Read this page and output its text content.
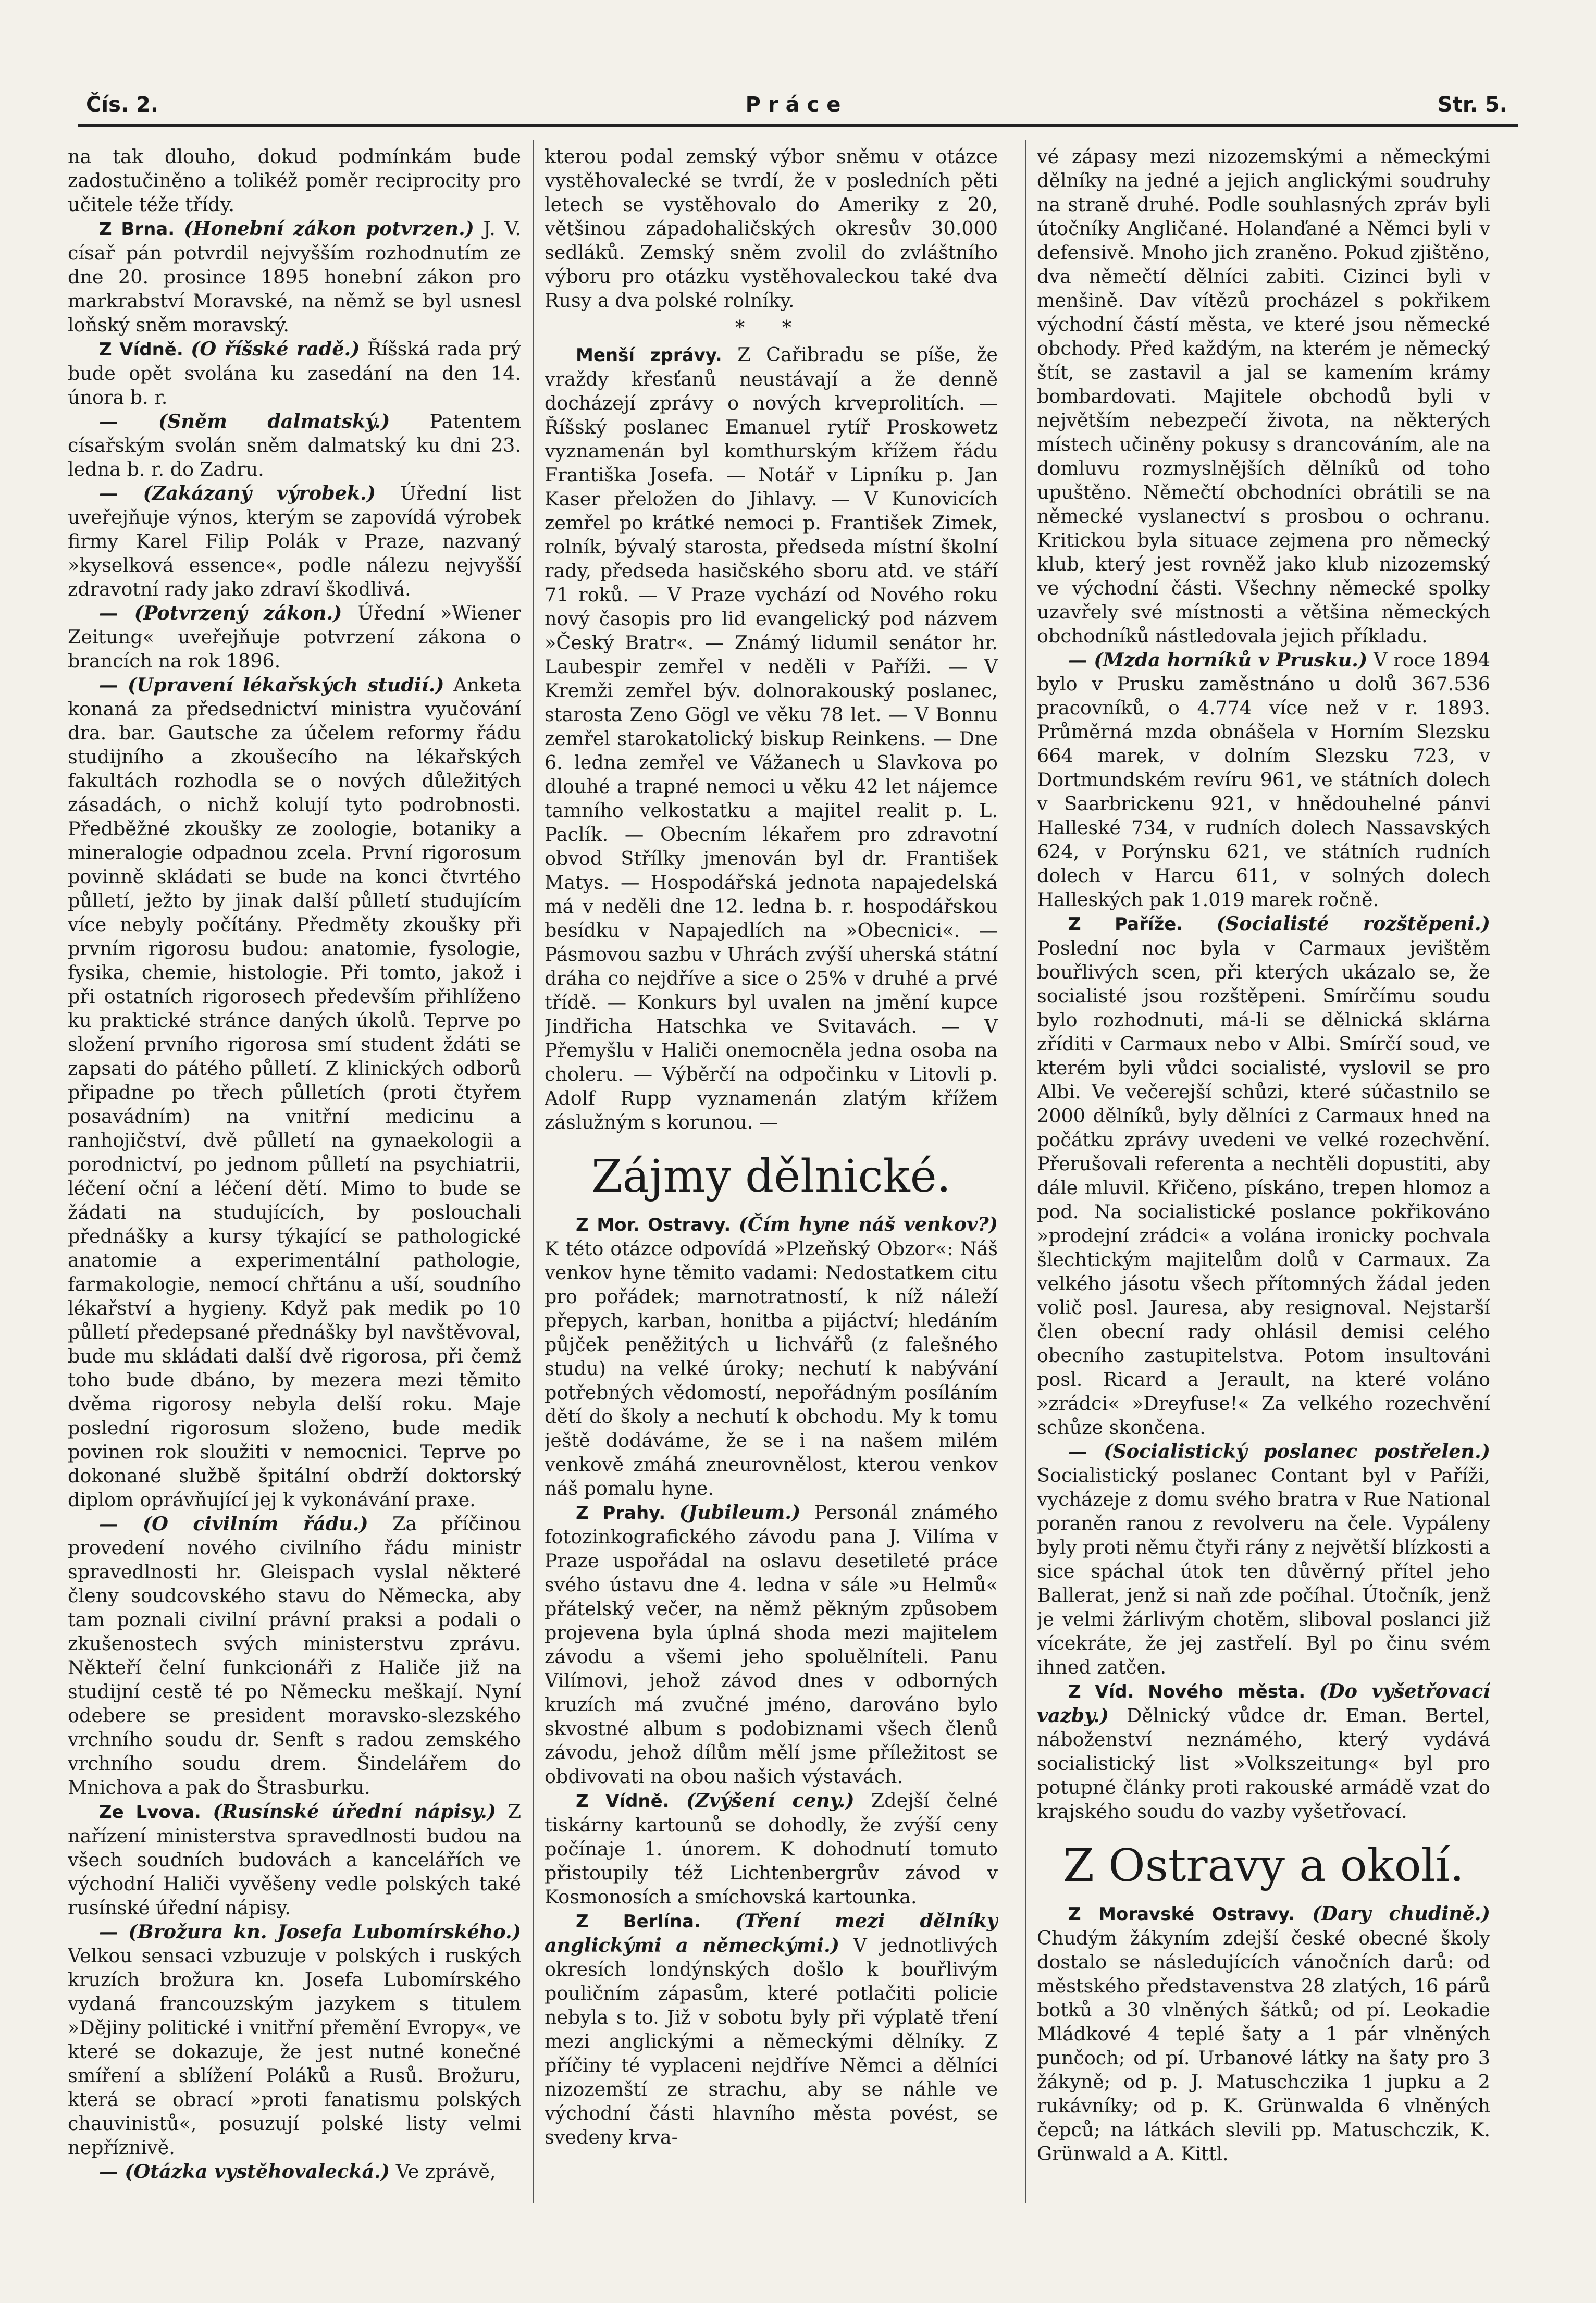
Čís. 2.	Práce	Str. 5.

na tak dlouho, dokud podmínkám bude zadostučiněno a tolikéž poměr reciprocity pro učitele téže třídy.

Z Brna. (Honební zákon potvrzen.) J. V. císař pán potvrdil nejvyšším rozhodnutím ze dne 20. prosince 1895 honební zákon pro markrabství Moravské, na němž se byl usnesl loňský sněm moravský.

Z Vídně. (O říšské radě.) Říšská rada prý bude opět svolána ku zasedání na den 14. února b. r.

— (Sněm dalmatský.) Patentem císařským svolán sněm dalmatský ku dni 23. ledna b. r. do Zadru.

— (Zakázaný výrobek.) Úřední list uveřejňuje výnos, kterým se zapovídá výrobek firmy Karel Filip Polák v Praze, nazvaný »kyselková essence«, podle nálezu nejvyšší zdravotní rady jako zdraví škodlivá.

— (Potvrzený zákon.) Úřední »Wiener Zeitung« uveřejňuje potvrzení zákona o brancích na rok 1896.

— (Upravení lékařských studií.) Anketa konaná za předsednictví ministra vyučování dra. bar. Gautsche za účelem reformy řádu studijního a zkoušecího na lékařských fakultách rozhodla se o nových důležitých zásadách, o nichž kolují tyto podrobnosti. Předběžné zkoušky ze zoologie, botaniky a mineralogie odpadnou zcela. První rigorosum povinně skládati se bude na konci čtvrtého půlletí, ježto by jinak další půlletí studujícím více nebyly počítány. Předměty zkoušky při prvním rigorosu budou: anatomie, fysologie, fysika, chemie, histologie. Při tomto, jakož i při ostatních rigorosech především přihlíženo ku praktické stránce daných úkolů. Teprve po složení prvního rigorosa smí student ždáti se zapsati do pátého půlletí. Z klinických odborů připadne po třech půlletích (proti čtyřem posavádním) na vnitřní medicinu a ranhojičství, dvě půlletí na gynaekologii a porodnictví, po jednom půlletí na psychiatrii, léčení oční a léčení dětí. Mimo to bude se žádati na studujících, by poslouchali přednášky a kursy týkající se pathologické anatomie a experimentální pathologie, farmakologie, nemocí chřtánu a uší, soudního lékařství a hygieny. Když pak medik po 10 půlletí předepsané přednášky byl navštěvoval, bude mu skládati další dvě rigorosa, při čemž toho bude dbáno, by mezera mezi těmito dvěma rigorosy nebyla delší roku. Maje poslední rigorosum složeno, bude medik povinen rok sloužiti v nemocnici. Teprve po dokonané službě špitální obdrží doktorský diplom oprávňující jej k vykonávání praxe.

— (O civilním řádu.) Za příčinou provedení nového civilního řádu ministr spravedlnosti hr. Gleispach vyslal některé členy soudcovského stavu do Německa, aby tam poznali civilní právní praksi a podali o zkušenostech svých ministerstvu zprávu. Někteří čelní funkcionáři z Haliče již na studijní cestě té po Německu meškají. Nyní odebere se president moravsko-slezského vrchního soudu dr. Senft s radou zemského vrchního soudu drem. Šindelářem do Mnichova a pak do Štrasburku.

Ze Lvova. (Rusínské úřední nápisy.) Z nařízení ministerstva spravedlnosti budou na všech soudních budovách a kancelářích ve východní Haliči vyvěšeny vedle polských také rusínské úřední nápisy.

— (Brožura kn. Josefa Lubomírského.) Velkou sensaci vzbuzuje v polských i ruských kruzích brožura kn. Josefa Lubomírského vydaná francouzským jazykem s titulem »Dějiny politické i vnitřní přemění Evropy«, ve které se dokazuje, že jest nutné konečné smíření a sblížení Poláků a Rusů. Brožuru, která se obrací »proti fanatismu polských chauvinistů«, posuzují polské listy velmi nepříznivě.

— (Otázka vystěhovalecká.) Ve zprávě,

kterou podal zemský výbor sněmu v otázce vystěhovalecké se tvrdí, že v posledních pěti letech se vystěhovalo do Ameriky z 20, většinou západohaličských okresův 30.000 sedláků. Zemský sněm zvolil do zvláštního výboru pro otázku vystěhovaleckou také dva Rusy a dva polské rolníky.

* *

Menší zprávy. Z Cařibradu se píše, že vraždy křesťanů neustávají a že denně docházejí zprávy o nových krveprolitích. — Říšský poslanec Emanuel rytíř Proskowetz vyznamenán byl komthurským křížem řádu Františka Josefa. — Notář v Lipníku p. Jan Kaser přeložen do Jihlavy. — V Kunovicích zemřel po krátké nemoci p. František Zimek, rolník, bývalý starosta, předseda místní školní rady, předseda hasičského sboru atd. ve stáří 71 roků. — V Praze vychází od Nového roku nový časopis pro lid evangelický pod názvem »Český Bratr«. — Známý lidumil senátor hr. Laubespir zemřel v neděli v Paříži. — V Kremži zemřel býv. dolnorakouský poslanec, starosta Zeno Gögl ve věku 78 let. — V Bonnu zemřel starokatolický biskup Reinkens. — Dne 6. ledna zemřel ve Vážanech u Slavkova po dlouhé a trapné nemoci u věku 42 let nájemce tamního velkostatku a majitel realit p. L. Paclík. — Obecním lékařem pro zdravotní obvod Střílky jmenován byl dr. František Matys. — Hospodářská jednota napajedelská má v neděli dne 12. ledna b. r. hospodářskou besídku v Napajedlích na »Obecnici«. — Pásmovou sazbu v Uhrách zvýší uherská státní dráha co nejdříve a sice o 25% v druhé a prvé třídě. — Konkurs byl uvalen na jmění kupce Jindřicha Hatschka ve Svitavách. — V Přemyšlu v Haliči onemocněla jedna osoba na choleru. — Výběrčí na odpočinku v Litovli p. Adolf Rupp vyznamenán zlatým křížem záslužným s korunou. —

Zájmy dělnické.

Z Mor. Ostravy. (Čím hyne náš venkov?) K této otázce odpovídá »Plzeňský Obzor«: Náš venkov hyne těmito vadami: Nedostatkem citu pro pořádek; marnotratností, k níž náleží přepych, karban, honitba a pijáctví; hledáním půjček peněžitých u lichvářů (z falešného studu) na velké úroky; nechutí k nabývání potřebných vědomostí, nepořádným posíláním dětí do školy a nechutí k obchodu. My k tomu ještě dodáváme, že se i na našem milém venkově zmáhá zneurovnělost, kterou venkov náš pomalu hyne.

Z Prahy. (Jubileum.) Personál známého fotozinkografického závodu pana J. Vilíma v Praze uspořádal na oslavu desetileté práce svého ústavu dne 4. ledna v sále »u Helmů« přátelský večer, na němž pěkným způsobem projevena byla úplná shoda mezi majitelem závodu a všemi jeho spoluělníteli. Panu Vilímovi, jehož závod dnes v odborných kruzích má zvučné jméno, darováno bylo skvostné album s podobiznami všech členů závodu, jehož dílům mělí jsme příležitost se obdivovati na obou našich výstavách.

Z Vídně. (Zvýšení ceny.) Zdejší čelné tiskárny kartounů se dohodly, že zvýší ceny počínaje 1. únorem. K dohodnutí tomuto přistoupily též Lichtenbergrův závod v Kosmonosích a smíchovská kartounka.

Z Berlína. (Tření mezi dělníky anglickými a německými.) V jednotlivých okresích londýnských došlo k bouřlivým pouličním zápasům, které potlačiti policie nebyla s to. Již v sobotu byly při výplatě tření mezi anglickými a německými dělníky. Z příčiny té vyplaceni nejdříve Němci a dělníci nizozemští ze strachu, aby se náhle ve východní části hlavního města povést, se svedeny krva-

vé zápasy mezi nizozemskými a německými dělníky na jedné a jejich anglickými soudruhy na straně druhé. Podle souhlasných zpráv byli útočníky Angličané. Holanďané a Němci byli v defensivě. Mnoho jich zraněno. Pokud zjištěno, dva němečtí dělníci zabiti. Cizinci byli v menšině. Dav vítězů procházel s pokřikem východní částí města, ve které jsou německé obchody. Před každým, na kterém je německý štít, se zastavil a jal se kamením krámy bombardovati. Majitele obchodů byli v největším nebezpečí života, na některých místech učiněny pokusy s drancováním, ale na domluvu rozmyslnějších dělníků od toho upuštěno. Němečtí obchodníci obrátili se na německé vyslanectví s prosbou o ochranu. Kritickou byla situace zejmena pro německý klub, který jest rovněž jako klub nizozemský ve východní části. Všechny německé spolky uzavřely své místnosti a většina německých obchodníků nástledovala jejich příkladu.

— (Mzda horníků v Prusku.) V roce 1894 bylo v Prusku zaměstnáno u dolů 367.536 pracovníků, o 4.774 více než v r. 1893. Průměrná mzda obnášela v Horním Slezsku 664 marek, v dolním Slezsku 723, v Dortmundském revíru 961, ve státních dolech v Saarbrickenu 921, v hnědouhelné pánvi Halleské 734, v rudních dolech Nassavských 624, v Porýnsku 621, ve státních rudních dolech v Harcu 611, v solných dolech Halleských pak 1.019 marek ročně.

Z Paříže. (Socialisté rozštěpeni.) Poslední noc byla v Carmaux jevištěm bouřlivých scen, při kterých ukázalo se, že socialisté jsou rozštěpeni. Smírčímu soudu bylo rozhodnuti, má-li se dělnická sklárna zříditi v Carmaux nebo v Albi. Smírčí soud, ve kterém byli vůdci socialisté, vyslovil se pro Albi. Ve večerejší schůzi, které súčastnilo se 2000 dělníků, byly dělníci z Carmaux hned na počátku zprávy uvedeni ve velké rozechvění. Přerušovali referenta a nechtěli dopustiti, aby dále mluvil. Křičeno, pískáno, trepen hlomoz a pod. Na socialistické poslance pokřikováno »prodejní zrádci« a volána ironicky pochvala šlechtickým majitelům dolů v Carmaux. Za velkého jásotu všech přítomných žádal jeden volič posl. Jauresa, aby resignoval. Nejstarší člen obecní rady ohlásil demisi celého obecního zastupitelstva. Potom insultováni posl. Ricard a Jerault, na které voláno »zrádci« »Dreyfuse!« Za velkého rozechvění schůze skončena.

— (Socialistický poslanec postřelen.) Socialistický poslanec Contant byl v Paříži, vycházeje z domu svého bratra v Rue National poraněn ranou z revolveru na čele. Vypáleny byly proti němu čtyři rány z největší blízkosti a sice spáchal útok ten důvěrný přítel jeho Ballerat, jenž si naň zde počíhal. Útočník, jenž je velmi žárlivým chotěm, sliboval poslanci již vícekráte, že jej zastřelí. Byl po činu svém ihned zatčen.

Z Víd. Nového města. (Do vyšetřovací vazby.) Dělnický vůdce dr. Eman. Bertel, náboženství neznámého, který vydává socialistický list »Volkszeitung« byl pro potupné články proti rakouské armádě vzat do krajského soudu do vazby vyšetřovací.

Z Ostravy a okolí.

Z Moravské Ostravy. (Dary chudině.) Chudým žákyním zdejší české obecné školy dostalo se následujících vánočních darů: od městského představenstva 28 zlatých, 16 párů botků a 30 vlněných šátků; od pí. Leokadie Mládkové 4 teplé šaty a 1 pár vlněných punčoch; od pí. Urbanové látky na šaty pro 3 žákyně; od p. J. Matuschczika 1 jupku a 2 rukávníky; od p. K. Grünwalda 6 vlněných čepců; na látkách slevili pp. Matuschczik, K. Grünwald a A. Kittl.
